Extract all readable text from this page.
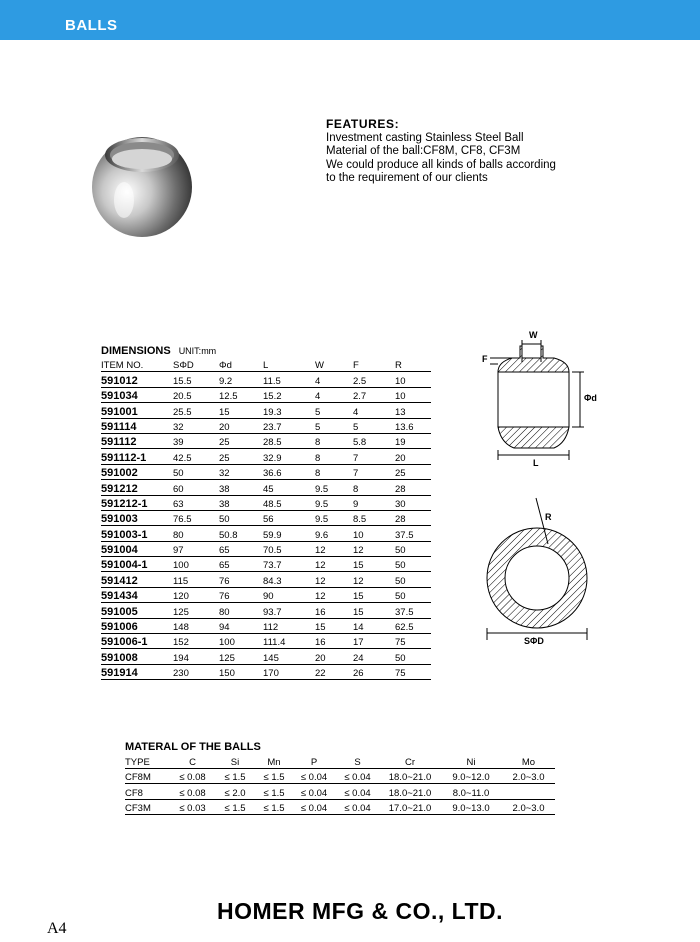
BALLS
FEATURES:
Investment casting Stainless Steel Ball
Material of the ball:CF8M, CF8, CF3M
We could produce all kinds of balls according
to the requirement of our clients
DIMENSIONS UNIT:mm
ITEM NO.	SΦD	Φd	L	W	F	R
591012	15.5	9.2	11.5	4	2.5	10
591034	20.5	12.5	15.2	4	2.7	10
591001	25.5	15	19.3	5	4	13
591114	32	20	23.7	5	5	13.6
591112	39	25	28.5	8	5.8	19
591112-1	42.5	25	32.9	8	7	20
591002	50	32	36.6	8	7	25
591212	60	38	45	9.5	8	28
591212-1	63	38	48.5	9.5	9	30
591003	76.5	50	56	9.5	8.5	28
591003-1	80	50.8	59.9	9.6	10	37.5
591004	97	65	70.5	12	12	50
591004-1	100	65	73.7	12	15	50
591412	115	76	84.3	12	12	50
591434	120	76	90	12	15	50
591005	125	80	93.7	16	15	37.5
591006	148	94	112	15	14	62.5
591006-1	152	100	111.4	16	17	75
591008	194	125	145	20	24	50
591914	230	150	170	22	26	75
W
F
Φd
L
R
SΦD
MATERAL OF THE BALLS
TYPE	C	Si	Mn	P	S	Cr	Ni	Mo
CF8M	≤ 0.08	≤ 1.5	≤ 1.5	≤ 0.04	≤ 0.04	18.0~21.0	9.0~12.0	2.0~3.0
CF8	≤ 0.08	≤ 2.0	≤ 1.5	≤ 0.04	≤ 0.04	18.0~21.0	8.0~11.0	
CF3M	≤ 0.03	≤ 1.5	≤ 1.5	≤ 0.04	≤ 0.04	17.0~21.0	9.0~13.0	2.0~3.0
HOMER MFG & CO., LTD.
A4
